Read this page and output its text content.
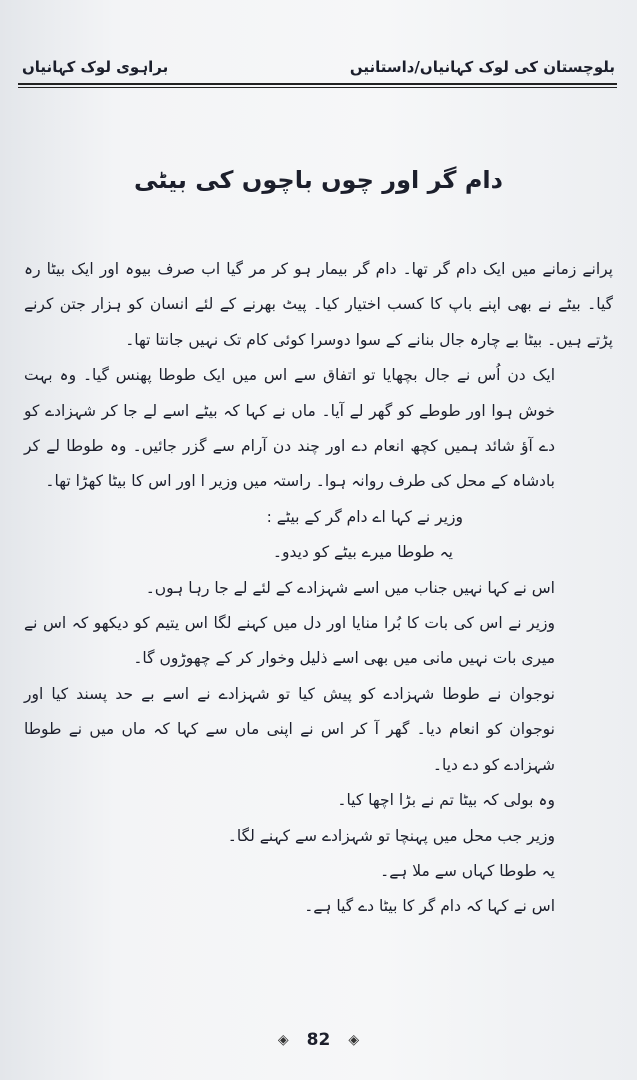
بلوچستان کی لوک کہانیاں/داستانیں
براہوی لوک کہانیاں
دام گر اور چوں باچوں کی بیٹی

پرانے زمانے میں ایک دام گر تھا۔ دام گر بیمار ہو کر مر گیا اب صرف بیوہ اور ایک بیٹا رہ گیا۔ بیٹے نے بھی اپنے باپ کا کسب اختیار کیا۔ پیٹ بھرنے کے لئے انسان کو ہزار جتن کرنے پڑتے ہیں۔ بیٹا بے چارہ جال بنانے کے سوا دوسرا کوئی کام تک نہیں جانتا تھا۔

ایک دن اُس نے جال بچھایا تو اتفاق سے اس میں ایک طوطا پھنس گیا۔ وہ بہت خوش ہوا اور طوطے کو گھر لے آیا۔ ماں نے کہا کہ بیٹے اسے لے جا کر شہزادے کو دے آؤ شائد ہمیں کچھ انعام دے اور چند دن آرام سے گزر جائیں۔ وہ طوطا لے کر بادشاہ کے محل کی طرف روانہ ہوا۔ راستہ میں وزیر ا اور اس کا بیٹا کھڑا تھا۔

وزیر نے کہا اے دام گر کے بیٹے :

یہ طوطا میرے بیٹے کو دیدو۔

اس نے کہا نہیں جناب میں اسے شہزادے کے لئے لے جا رہا ہوں۔

وزیر نے اس کی بات کا بُرا منایا اور دل میں کہنے لگا اس یتیم کو دیکھو کہ اس نے میری بات نہیں مانی میں بھی اسے ذلیل وخوار کر کے چھوڑوں گا۔

نوجوان نے طوطا شہزادے کو پیش کیا تو شہزادے نے اسے بے حد پسند کیا اور نوجوان کو انعام دیا۔ گھر آ کر اس نے اپنی ماں سے کہا کہ ماں میں نے طوطا شہزادے کو دے دیا۔

وہ بولی کہ بیٹا تم نے بڑا اچھا کیا۔

وزیر جب محل میں پہنچا تو شہزادے سے کہنے لگا۔

یہ طوطا کہاں سے ملا ہے۔

اس نے کہا کہ دام گر کا بیٹا دے گیا ہے۔

◈ 82 ◈
